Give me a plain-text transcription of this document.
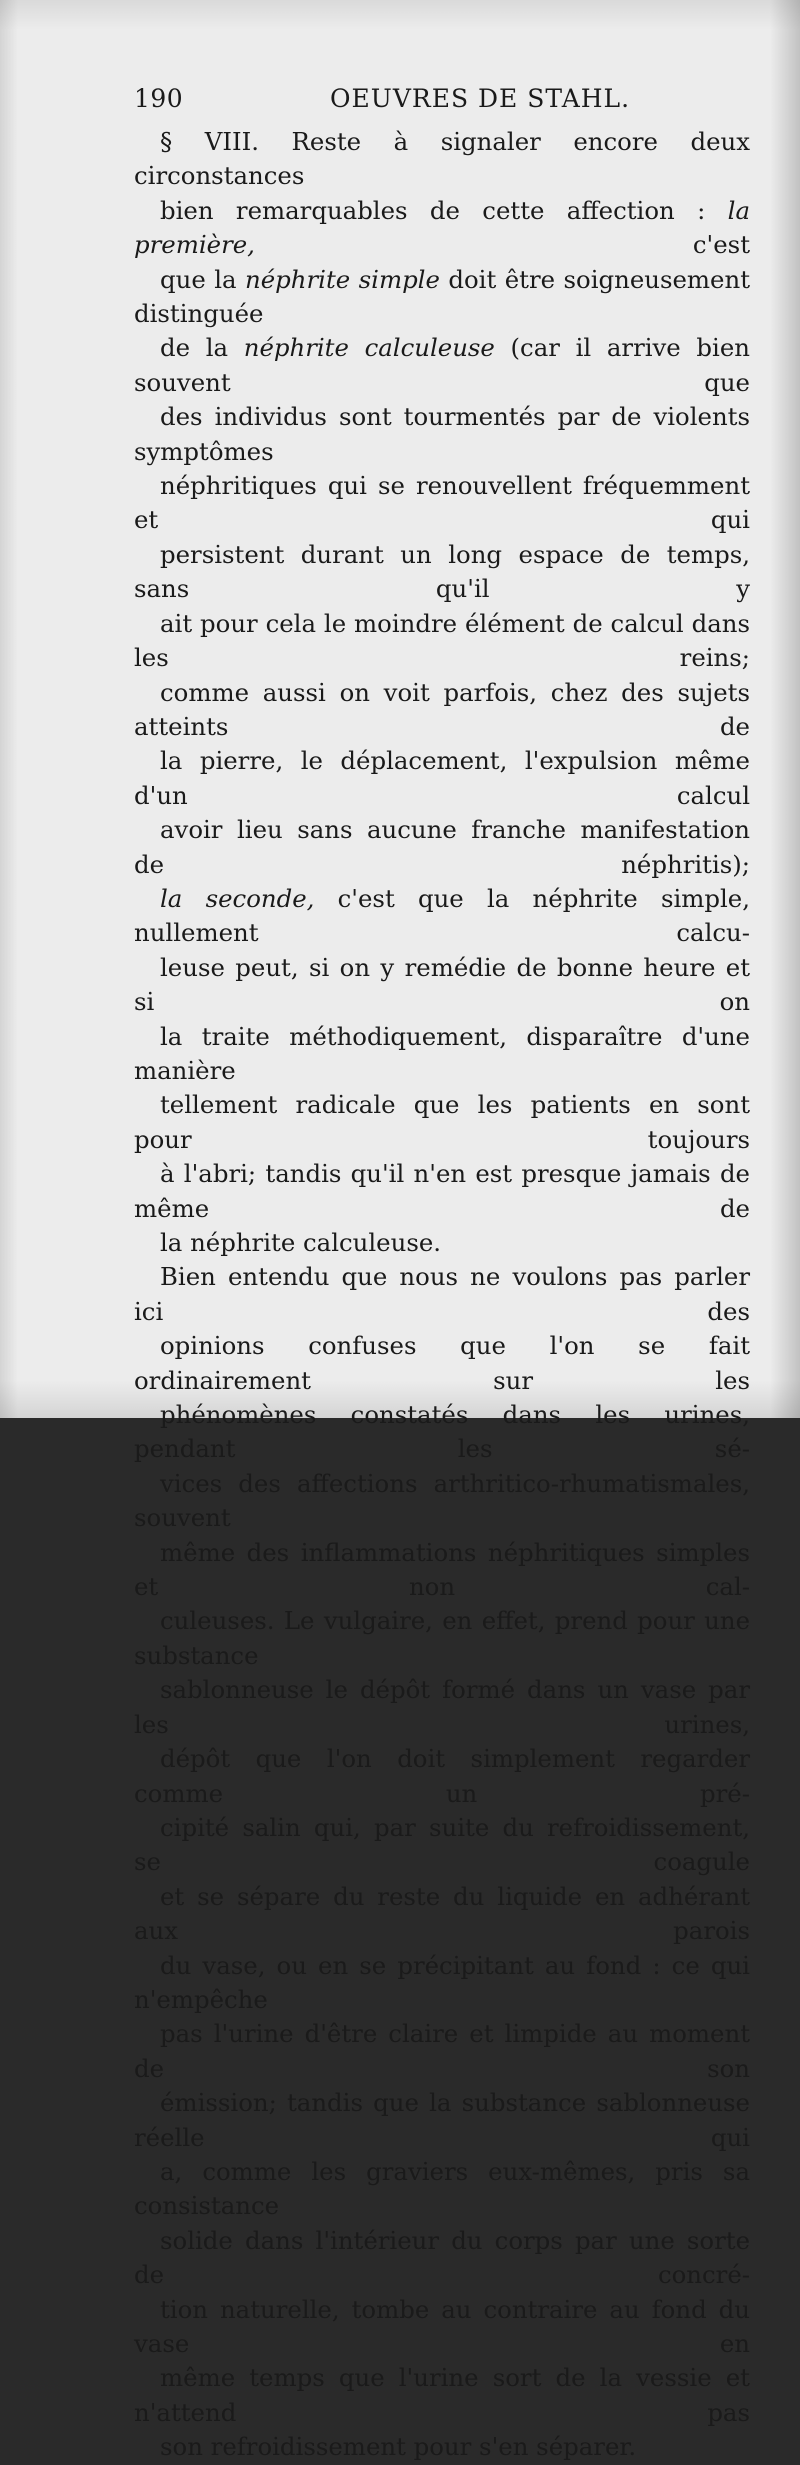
190	OEUVRES DE STAHL.

§ VIII. Reste à signaler encore deux circonstances
bien remarquables de cette affection : la première, c'est
que la néphrite simple doit être soigneusement distinguée
de la néphrite calculeuse (car il arrive bien souvent que
des individus sont tourmentés par de violents symptômes
néphritiques qui se renouvellent fréquemment et qui
persistent durant un long espace de temps, sans qu'il y
ait pour cela le moindre élément de calcul dans les reins;
comme aussi on voit parfois, chez des sujets atteints de
la pierre, le déplacement, l'expulsion même d'un calcul
avoir lieu sans aucune franche manifestation de néphritis);
la seconde, c'est que la néphrite simple, nullement calcu-
leuse peut, si on y remédie de bonne heure et si on
la traite méthodiquement, disparaître d'une manière
tellement radicale que les patients en sont pour toujours
à l'abri; tandis qu'il n'en est presque jamais de même de
la néphrite calculeuse.

Bien entendu que nous ne voulons pas parler ici des
opinions confuses que l'on se fait ordinairement sur les
phénomènes constatés dans les urines, pendant les sé-
vices des affections arthritico-rhumatismales, souvent
même des inflammations néphritiques simples et non cal-
culeuses. Le vulgaire, en effet, prend pour une substance
sablonneuse le dépôt formé dans un vase par les urines,
dépôt que l'on doit simplement regarder comme un pré-
cipité salin qui, par suite du refroidissement, se coagule
et se sépare du reste du liquide en adhérant aux parois
du vase, ou en se précipitant au fond : ce qui n'empêche
pas l'urine d'être claire et limpide au moment de son
émission; tandis que la substance sablonneuse réelle qui
a, comme les graviers eux-mêmes, pris sa consistance
solide dans l'intérieur du corps par une sorte de concré-
tion naturelle, tombe au contraire au fond du vase en
même temps que l'urine sort de la vessie et n'attend pas
son refroidissement pour s'en séparer.
